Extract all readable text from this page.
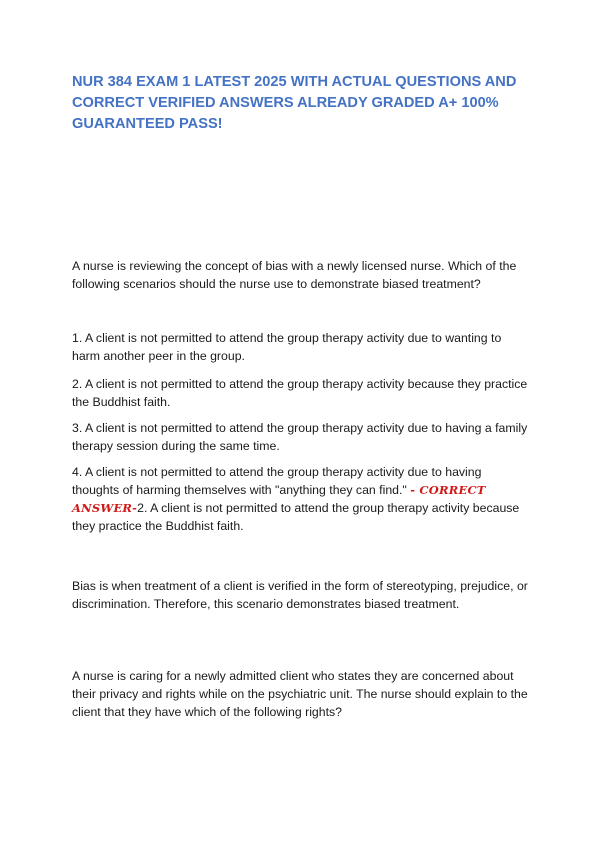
NUR 384 EXAM 1 LATEST 2025 WITH ACTUAL QUESTIONS AND CORRECT VERIFIED ANSWERS ALREADY GRADED A+ 100% GUARANTEED PASS!

A nurse is reviewing the concept of bias with a newly licensed nurse. Which of the following scenarios should the nurse use to demonstrate biased treatment?

1. A client is not permitted to attend the group therapy activity due to wanting to harm another peer in the group.

2. A client is not permitted to attend the group therapy activity because they practice the Buddhist faith.

3. A client is not permitted to attend the group therapy activity due to having a family therapy session during the same time.

4. A client is not permitted to attend the group therapy activity due to having thoughts of harming themselves with "anything they can find." - CORRECT ANSWER-2. A client is not permitted to attend the group therapy activity because they practice the Buddhist faith.

Bias is when treatment of a client is verified in the form of stereotyping, prejudice, or discrimination. Therefore, this scenario demonstrates biased treatment.

A nurse is caring for a newly admitted client who states they are concerned about their privacy and rights while on the psychiatric unit. The nurse should explain to the client that they have which of the following rights?
